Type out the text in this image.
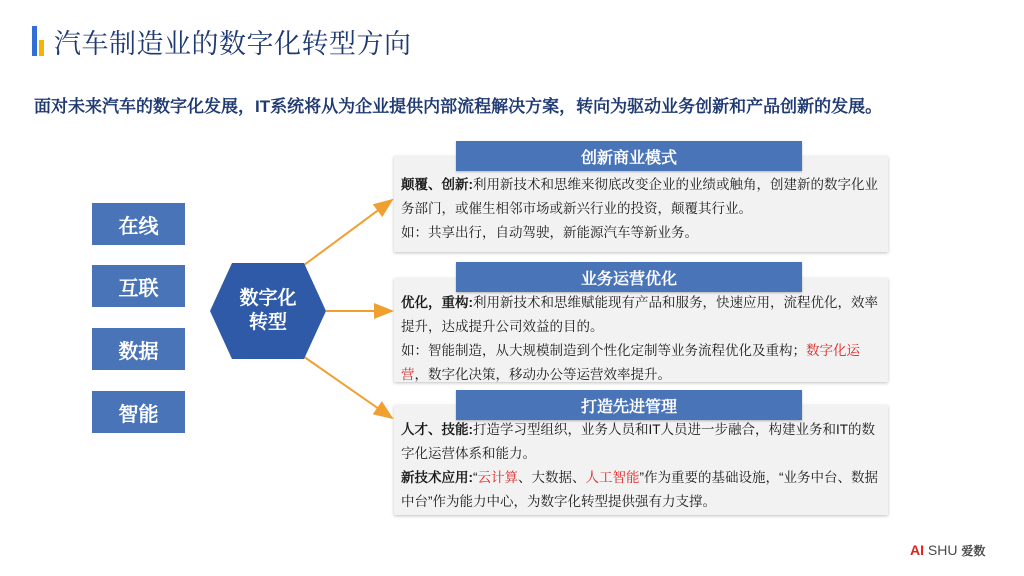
汽车制造业的数字化转型方向
面对未来汽车的数字化发展，IT系统将从为企业提供内部流程解决方案，转向为驱动业务创新和产品创新的发展。
在线
互联
数据
智能
数字化
转型
创新商业模式

颠覆、创新:利用新技术和思维来彻底改变企业的业绩或触角，创建新的数字化业务部门，或催生相邻市场或新兴行业的投资，颠覆其行业。

如：共享出行，自动驾驶，新能源汽车等新业务。

业务运营优化

优化，重构:利用新技术和思维赋能现有产品和服务，快速应用，流程优化，效率提升，达成提升公司效益的目的。

如：智能制造，从大规模制造到个性化定制等业务流程优化及重构；数字化运营，数字化决策，移动办公等运营效率提升。

打造先进管理

人才、技能:打造学习型组织，业务人员和IT人员进一步融合，构建业务和IT的数字化运营体系和能力。

新技术应用:“云计算、大数据、人工智能”作为重要的基础设施，“业务中台、数据中台”作为能力中心，为数字化转型提供强有力支撑。

AI SHU 爱数
